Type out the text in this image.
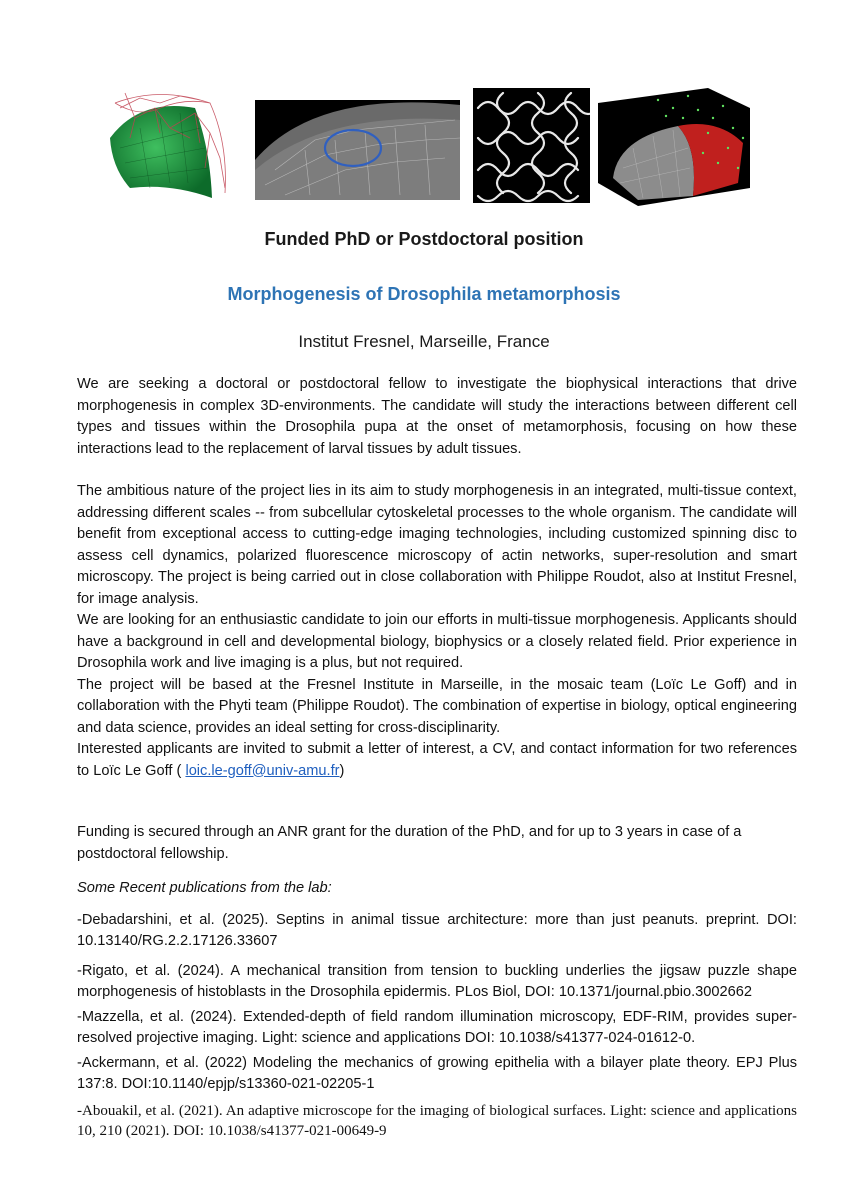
Funded PhD or Postdoctoral position
Morphogenesis of Drosophila metamorphosis
Institut Fresnel, Marseille, France
We are seeking a doctoral or postdoctoral fellow to investigate the biophysical interactions that drive morphogenesis in complex 3D-environments. The candidate will study the interactions between different cell types and tissues within the Drosophila pupa at the onset of metamorphosis, focusing on how these interactions lead to the replacement of larval tissues by adult tissues.
The ambitious nature of the project lies in its aim to study morphogenesis in an integrated, multi-tissue context, addressing different scales -- from subcellular cytoskeletal processes to the whole organism. The candidate will benefit from exceptional access to cutting-edge imaging technologies, including customized spinning disc to assess cell dynamics, polarized fluorescence microscopy of actin networks, super-resolution and smart microscopy. The project is being carried out in close collaboration with Philippe Roudot, also at Institut Fresnel, for image analysis.
We are looking for an enthusiastic candidate to join our efforts in multi-tissue morphogenesis. Applicants should have a background in cell and developmental biology, biophysics or a closely related field. Prior experience in Drosophila work and live imaging is a plus, but not required.
The project will be based at the Fresnel Institute in Marseille, in the mosaic team (Loïc Le Goff) and in collaboration with the Phyti team (Philippe Roudot). The combination of expertise in biology, optical engineering and data science, provides an ideal setting for cross-disciplinarity.
Interested applicants are invited to submit a letter of interest, a CV, and contact information for two references to Loïc Le Goff ( loic.le-goff@univ-amu.fr)
Funding is secured through an ANR grant for the duration of the PhD, and for up to 3 years in case of a postdoctoral fellowship.
Some Recent publications from the lab:
-Debadarshini, et al. (2025). Septins in animal tissue architecture: more than just peanuts. preprint. DOI: 10.13140/RG.2.2.17126.33607
-Rigato, et al. (2024). A mechanical transition from tension to buckling underlies the jigsaw puzzle shape morphogenesis of histoblasts in the Drosophila epidermis. PLos Biol, DOI: 10.1371/journal.pbio.3002662
-Mazzella, et al. (2024). Extended-depth of field random illumination microscopy, EDF-RIM, provides super-resolved projective imaging. Light: science and applications DOI: 10.1038/s41377-024-01612-0.
-Ackermann, et al. (2022) Modeling the mechanics of growing epithelia with a bilayer plate theory. EPJ Plus 137:8. DOI:10.1140/epjp/s13360-021-02205-1
-Abouakil, et al. (2021). An adaptive microscope for the imaging of biological surfaces. Light: science and applications 10, 210 (2021). DOI: 10.1038/s41377-021-00649-9
